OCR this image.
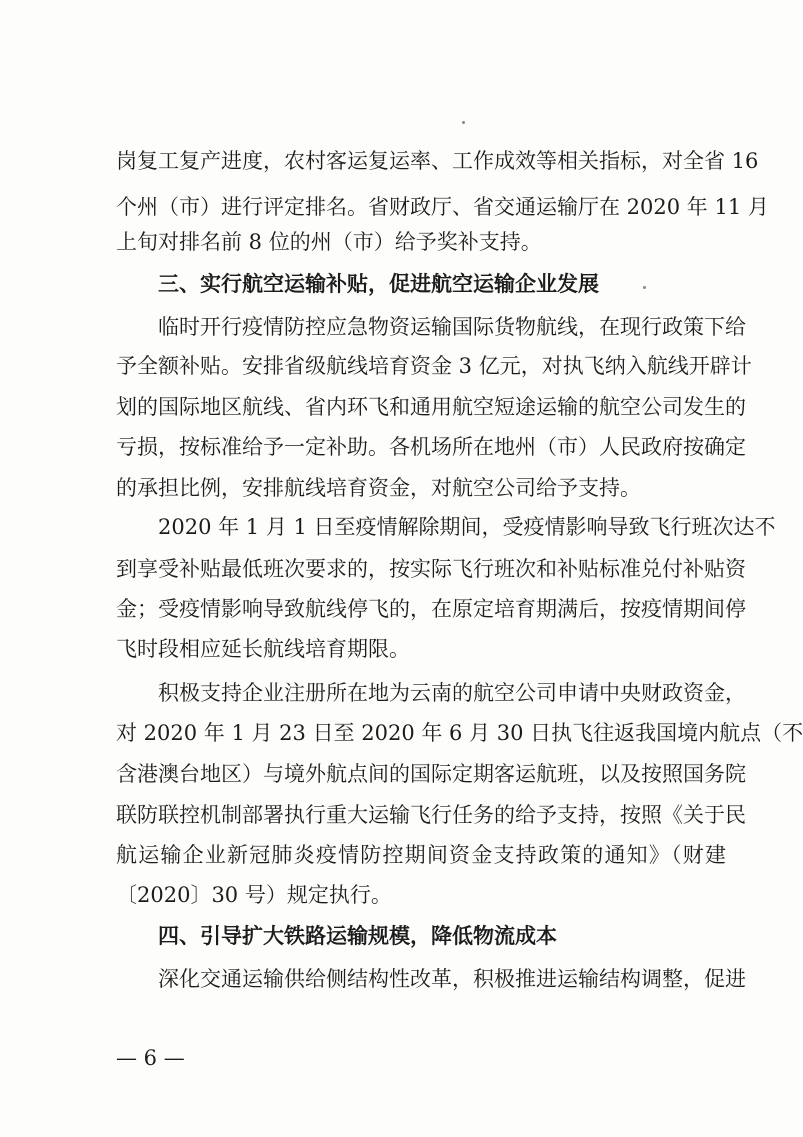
岗复工复产进度，农村客运复运率、工作成效等相关指标，对全省 16
个州（市）进行评定排名。省财政厅、省交通运输厅在 2020 年 11 月
上旬对排名前 8 位的州（市）给予奖补支持。
三、实行航空运输补贴，促进航空运输企业发展
临时开行疫情防控应急物资运输国际货物航线，在现行政策下给
予全额补贴。安排省级航线培育资金 3 亿元，对执飞纳入航线开辟计
划的国际地区航线、省内环飞和通用航空短途运输的航空公司发生的
亏损，按标准给予一定补助。各机场所在地州（市）人民政府按确定
的承担比例，安排航线培育资金，对航空公司给予支持。
2020 年 1 月 1 日至疫情解除期间，受疫情影响导致飞行班次达不
到享受补贴最低班次要求的，按实际飞行班次和补贴标准兑付补贴资
金；受疫情影响导致航线停飞的，在原定培育期满后，按疫情期间停
飞时段相应延长航线培育期限。
积极支持企业注册所在地为云南的航空公司申请中央财政资金，
对 2020 年 1 月 23 日至 2020 年 6 月 30 日执飞往返我国境内航点（不
含港澳台地区）与境外航点间的国际定期客运航班，以及按照国务院
联防联控机制部署执行重大运输飞行任务的给予支持，按照《关于民
航运输企业新冠肺炎疫情防控期间资金支持政策的通知》（财建
〔2020〕30 号）规定执行。
四、引导扩大铁路运输规模，降低物流成本
深化交通运输供给侧结构性改革，积极推进运输结构调整，促进
— 6 —
